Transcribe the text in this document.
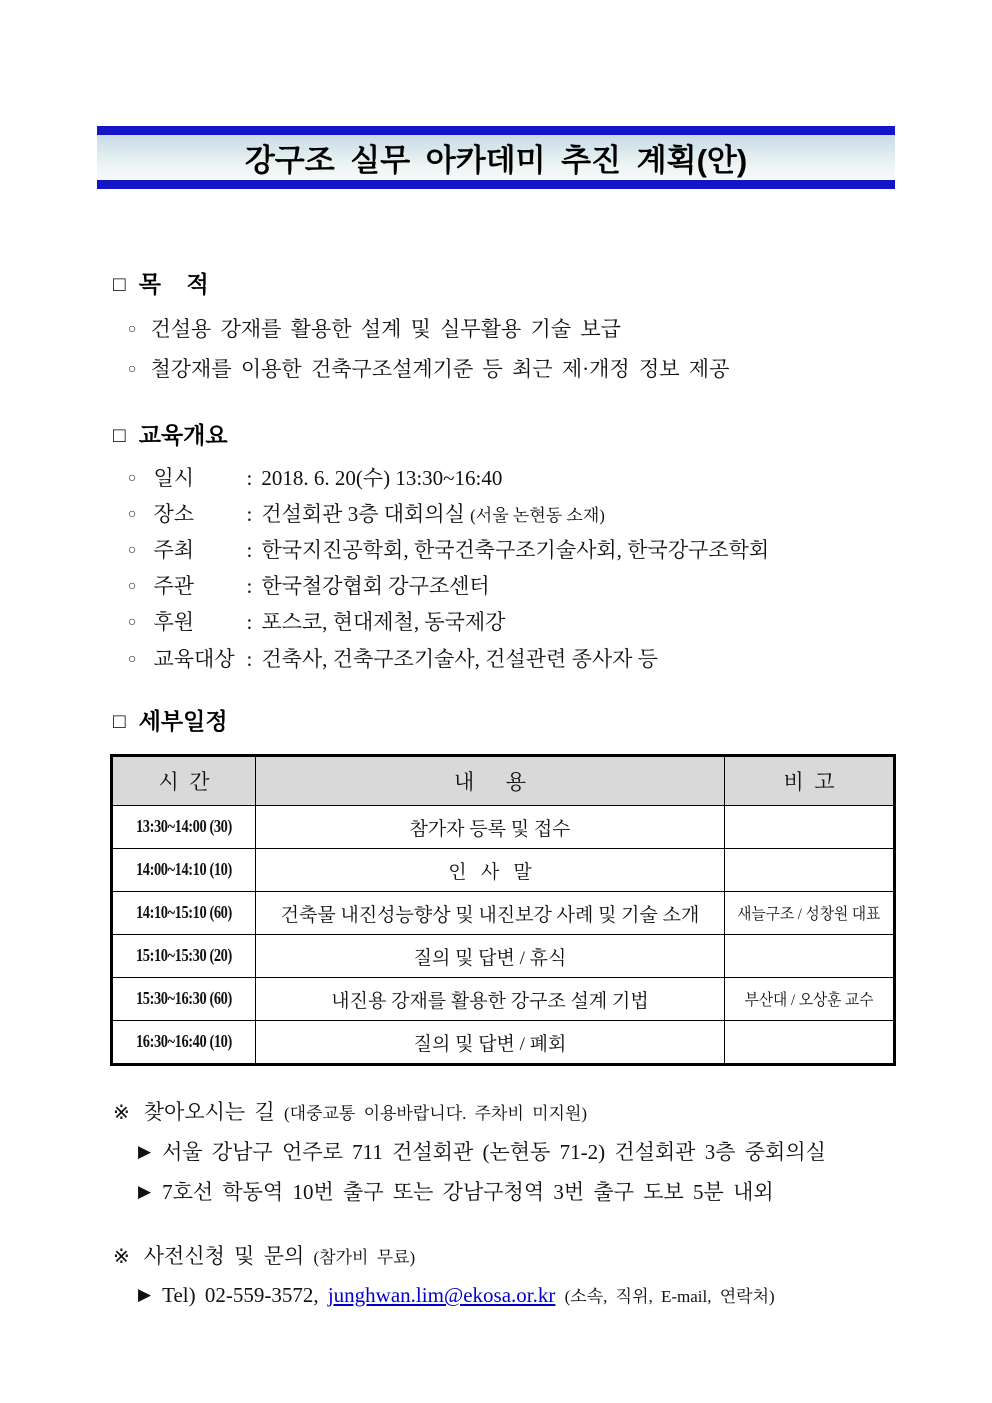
강구조 실무 아카데미 추진 계획(안)
□ 목    적
○ 건설용 강재를 활용한 설계 및 실무활용 기술 보급
○ 철강재를 이용한 건축구조설계기준 등 최근 제·개정 정보 제공
□ 교육개요
○ 일시 : 2018. 6. 20(수) 13:30~16:40
○ 장소 : 건설회관 3층 대회의실 (서울 논현동 소재)
○ 주최 : 한국지진공학회, 한국건축구조기술사회, 한국강구조학회
○ 주관 : 한국철강협회 강구조센터
○ 후원 : 포스코, 현대제철, 동국제강
○ 교육대상 : 건축사, 건축구조기술사, 건설관련 종사자 등
□ 세부일정
시  간	내      용	비  고
13:30~14:00 (30)	참가자 등록 및 접수	
14:00~14:10 (10)	인   사   말	
14:10~15:10 (60)	건축물 내진성능향상 및 내진보강 사례 및 기술 소개	새늘구조 / 성창원 대표
15:10~15:30 (20)	질의 및 답변 / 휴식	
15:30~16:30 (60)	내진용 강재를 활용한 강구조 설계 기법	부산대 / 오상훈 교수
16:30~16:40 (10)	질의 및 답변 / 폐회	
※ 찾아오시는 길 (대중교통 이용바랍니다. 주차비 미지원)
▶ 서울 강남구 언주로 711 건설회관 (논현동 71-2) 건설회관 3층 중회의실
▶ 7호선 학동역 10번 출구 또는 강남구청역 3번 출구 도보 5분 내외
※ 사전신청 및 문의 (참가비 무료)
▶ Tel) 02-559-3572, junghwan.lim@ekosa.or.kr (소속, 직위, E-mail, 연락처)
